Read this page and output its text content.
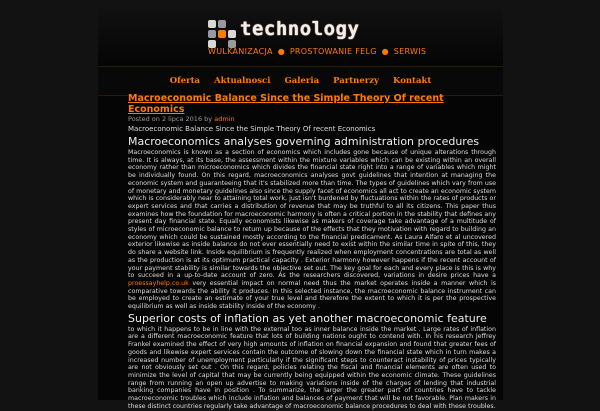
technology
WULKANIZACJA ● PROSTOWANIE FELG ● SERWIS
Oferta Aktualnosci Galeria Partnerzy Kontakt
Macroeconomic Balance Since the Simple Theory Of recent Economics
Posted on 2 lipca 2016 by admin
Macroeconomic Balance Since the Simple Theory Of recent Economics
Macroeconomics analyses governing administration procedures

Macroeconomics is known as a section of economics which includes gone because of unique alterations through time. It is always, at its base, the assessment within the mixture variables which can be existing within an overall economy rather than microeconomics which divides the financial state right into a range of variables which might be individually found. On this regard, macroeconomics analyses govt guidelines that intention at managing the economic system and guaranteeing that it's stabilized more than time. The types of guidelines which vary from use of monetary and monetary guidelines also since the supply facet of economics all act to create an economic system which is considerably near to attaining total work, just isn't burdened by fluctuations within the rates of products or expert services and that carries a distribution of revenue that may be truthful to all its citizens. This paper thus examines how the foundation for macroeconomic harmony is often a critical portion in the stability that defines any present day financial state. Equally economists likewise as makers of coverage take advantage of a multitude of styles of microeconomic balance to return up because of the effects that they motivation with regard to building an economy which could be sustained mostly according to the financial predicament. As Laura Alfaro et al uncovered exterior likewise as inside balance do not ever essentially need to exist within the similar time in spite of this, they do share a website link. Inside equilibrium is frequently realized when employment concentrations are total as well as the production is at its optimum practical capacity . Exterior harmony however happens if the recent account of your payment stability is similar towards the objective set out. The key goal for each and every place is this is why to succeed in a up-to-date account of zero. As the researchers discovered, variations in desire prices have a proessayhelp.co.uk very essential impact on normal need thus the market operates inside a manner which is comparative towards the ability it produces. In this selected instance, the macroeconomic balance instrument can be employed to create an estimate of your true level and therefore the extent to which it is per the prospective equilibrium as well as inside stability inside of the economy .

Superior costs of inflation as yet another macroeconomic feature

to which it happens to be in line with the external too as inner balance inside the market . Large rates of inflation are a different macroeconomic feature that lots of building nations ought to contend with. In his research Jeffrey Frankel examined the effect of very high amounts of inflation on financial expansion and found that greater fees of goods and likewise expert services contain the outcome of slowing down the financial state which in turn makes a increased number of unemployment particularly if the significant steps to counteract instability of prices typically are not obviously set out . On this regard, policies relating the fiscal and financial elements are often used to minimize the level of capital that may be currently being equipped within the economic climate. These guidelines range from running an open up advertise to making variations inside of the charges of lending that industrial banking companies have in position . To summarize, the larger the greater part of countries have to tackle macroeconomic troubles which include inflation and balances of payment that will be not favorable. Plan makers in these distinct countries regularly take advantage of macroeconomic balance procedures to deal with these troubles.
